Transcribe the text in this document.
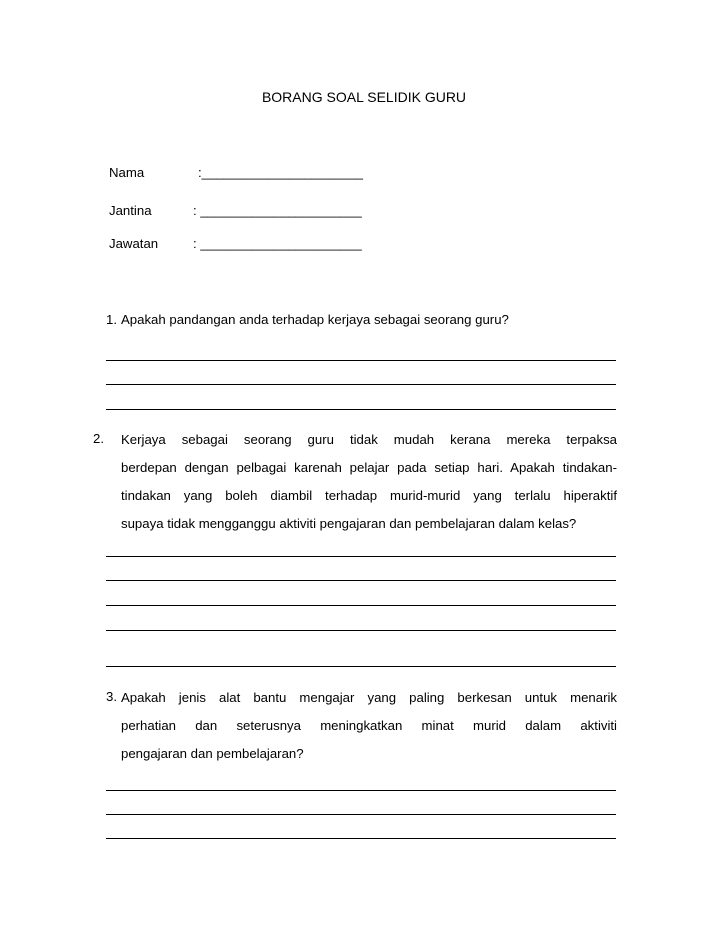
BORANG SOAL SELIDIK GURU
Nama	:______________________
Jantina	: ______________________
Jawatan	: ______________________
1. Apakah pandangan anda terhadap kerjaya sebagai seorang guru?
2. Kerjaya sebagai seorang guru tidak mudah kerana mereka terpaksa
berdepan dengan pelbagai karenah pelajar pada setiap hari. Apakah tindakan-
tindakan yang boleh diambil terhadap murid-murid yang terlalu hiperaktif
supaya tidak mengganggu aktiviti pengajaran dan pembelajaran dalam kelas?
3. Apakah jenis alat bantu mengajar yang paling berkesan untuk menarik
perhatian dan seterusnya meningkatkan minat murid dalam aktiviti
pengajaran dan pembelajaran?
